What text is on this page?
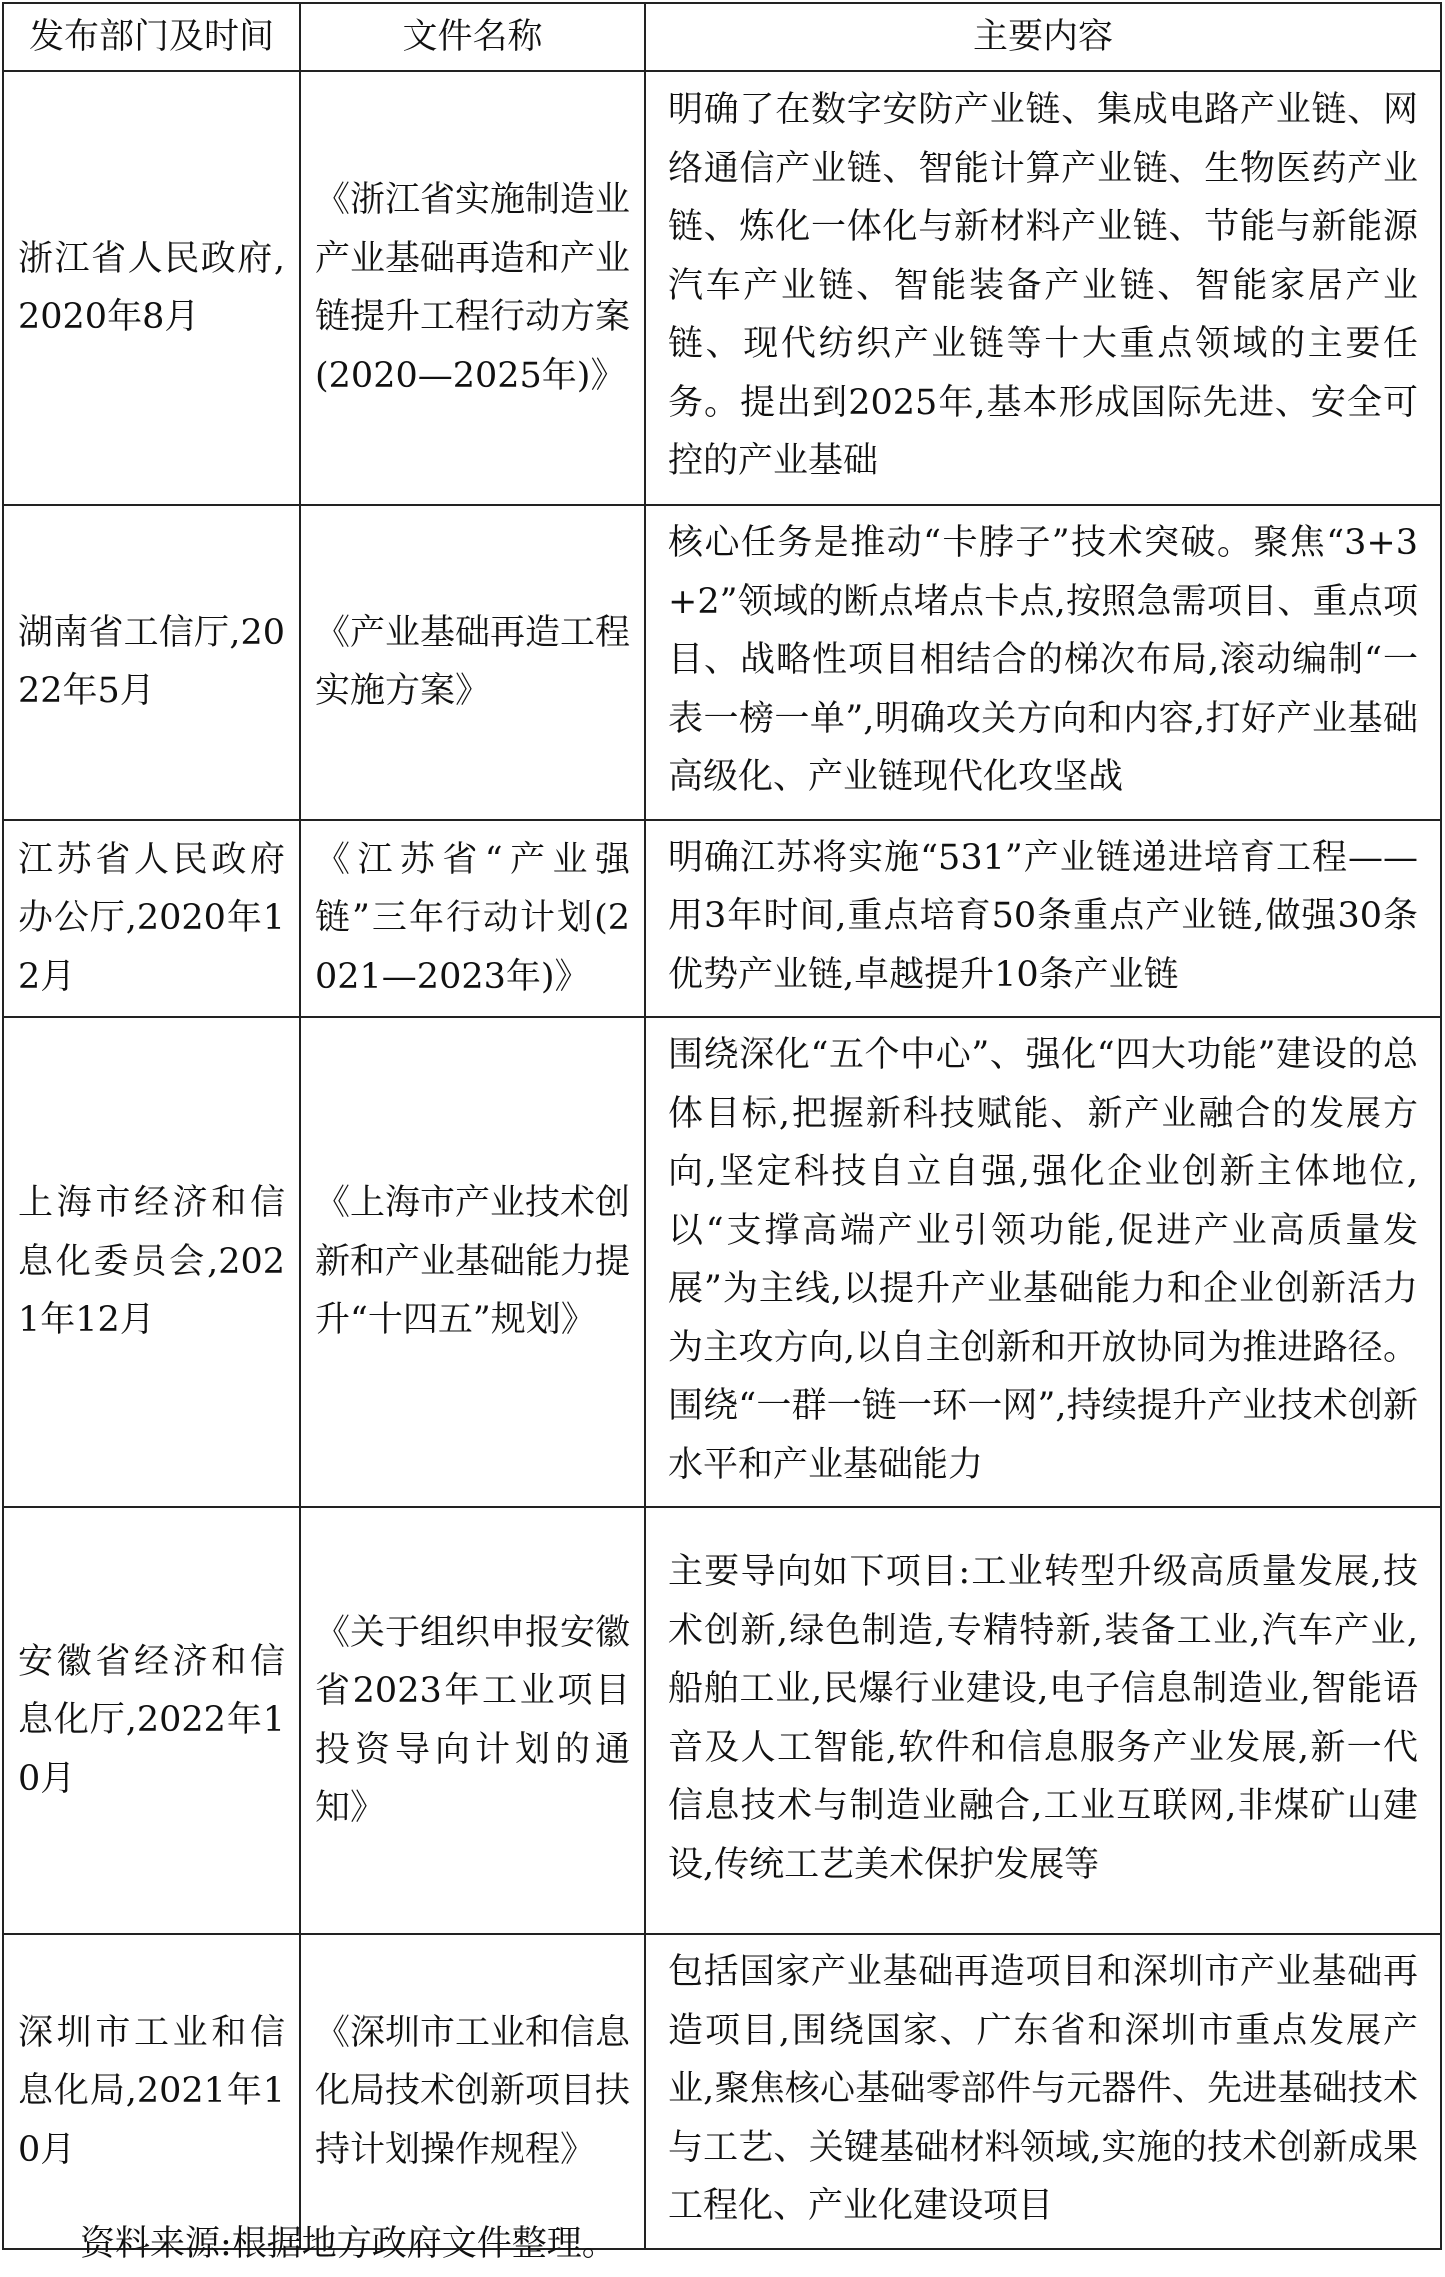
发布部门及时间	文件名称	主要内容
浙江省人民政府,2020年8月	《浙江省实施制造业产业基础再造和产业链提升工程行动方案(2020—2025年)》	明确了在数字安防产业链、集成电路产业链、网络通信产业链、智能计算产业链、生物医药产业链、炼化一体化与新材料产业链、节能与新能源汽车产业链、智能装备产业链、智能家居产业链、现代纺织产业链等十大重点领域的主要任务。提出到2025年,基本形成国际先进、安全可控的产业基础
湖南省工信厅,2022年5月	《产业基础再造工程实施方案》	核心任务是推动“卡脖子”技术突破。聚焦“3+3+2”领域的断点堵点卡点,按照急需项目、重点项目、战略性项目相结合的梯次布局,滚动编制“一表一榜一单”,明确攻关方向和内容,打好产业基础高级化、产业链现代化攻坚战
江苏省人民政府办公厅,2020年12月	《江苏省“产业强链”三年行动计划(2021—2023年)》	明确江苏将实施“531”产业链递进培育工程——用3年时间,重点培育50条重点产业链,做强30条优势产业链,卓越提升10条产业链
上海市经济和信息化委员会,2021年12月	《上海市产业技术创新和产业基础能力提升“十四五”规划》	围绕深化“五个中心”、强化“四大功能”建设的总体目标,把握新科技赋能、新产业融合的发展方向,坚定科技自立自强,强化企业创新主体地位,以“支撑高端产业引领功能,促进产业高质量发展”为主线,以提升产业基础能力和企业创新活力为主攻方向,以自主创新和开放协同为推进路径。围绕“一群一链一环一网”,持续提升产业技术创新水平和产业基础能力
安徽省经济和信息化厅,2022年10月	《关于组织申报安徽省2023年工业项目投资导向计划的通知》	主要导向如下项目:工业转型升级高质量发展,技术创新,绿色制造,专精特新,装备工业,汽车产业,船舶工业,民爆行业建设,电子信息制造业,智能语音及人工智能,软件和信息服务产业发展,新一代信息技术与制造业融合,工业互联网,非煤矿山建设,传统工艺美术保护发展等
深圳市工业和信息化局,2021年10月	《深圳市工业和信息化局技术创新项目扶持计划操作规程》	包括国家产业基础再造项目和深圳市产业基础再造项目,围绕国家、广东省和深圳市重点发展产业,聚焦核心基础零部件与元器件、先进基础技术与工艺、关键基础材料领域,实施的技术创新成果工程化、产业化建设项目
资料来源:根据地方政府文件整理。
